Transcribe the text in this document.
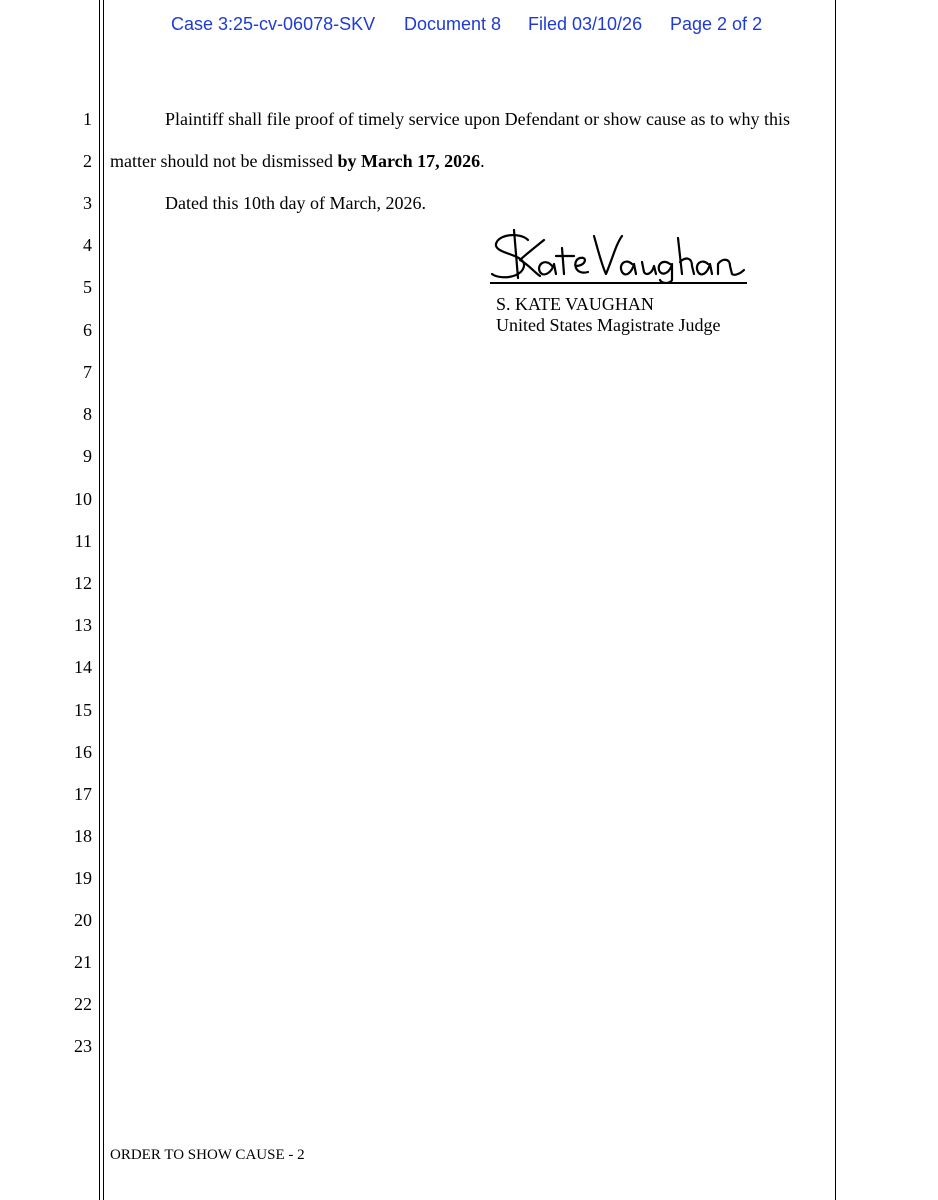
Case 3:25-cv-06078-SKV Document 8 Filed 03/10/26 Page 2 of 2
1
2
3
4
5
6
7
8
9
10
11
12
13
14
15
16
17
18
19
20
21
22
23
Plaintiff shall file proof of timely service upon Defendant or show cause as to why this
matter should not be dismissed by March 17, 2026.
Dated this 10th day of March, 2026.
S. KATE VAUGHAN
United States Magistrate Judge
ORDER TO SHOW CAUSE - 2
